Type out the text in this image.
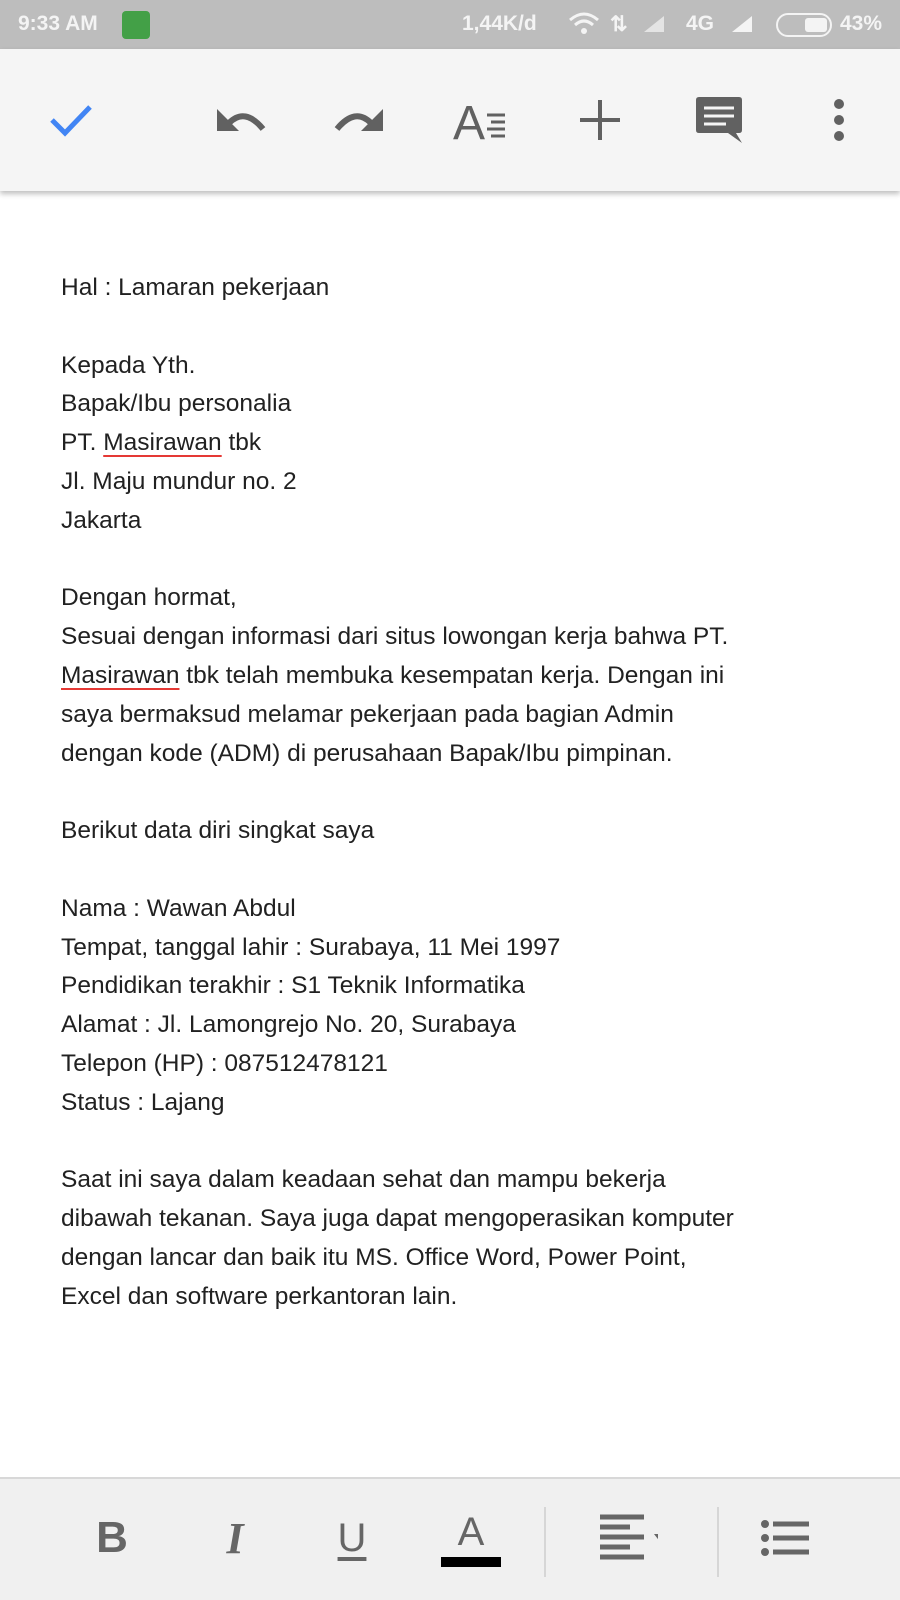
9:33 AM	1,44K/d	⇅	4G	43%
A
Hal : Lamaran pekerjaan
Kepada Yth.
Bapak/Ibu personalia
PT. Masirawan tbk
Jl. Maju mundur no. 2
Jakarta
Dengan hormat,
Sesuai dengan informasi dari situs lowongan kerja bahwa PT.
Masirawan tbk telah membuka kesempatan kerja. Dengan ini
saya bermaksud melamar pekerjaan pada bagian Admin
dengan kode (ADM) di perusahaan Bapak/Ibu pimpinan.
Berikut data diri singkat saya
Nama : Wawan Abdul
Tempat, tanggal lahir : Surabaya, 11 Mei 1997
Pendidikan terakhir : S1 Teknik Informatika
Alamat : Jl. Lamongrejo No. 20, Surabaya
Telepon (HP) : 087512478121
Status : Lajang
Saat ini saya dalam keadaan sehat dan mampu bekerja
dibawah tekanan. Saya juga dapat mengoperasikan komputer
dengan lancar dan baik itu MS. Office Word, Power Point,
Excel dan software perkantoran lain.
B	I	U	A
